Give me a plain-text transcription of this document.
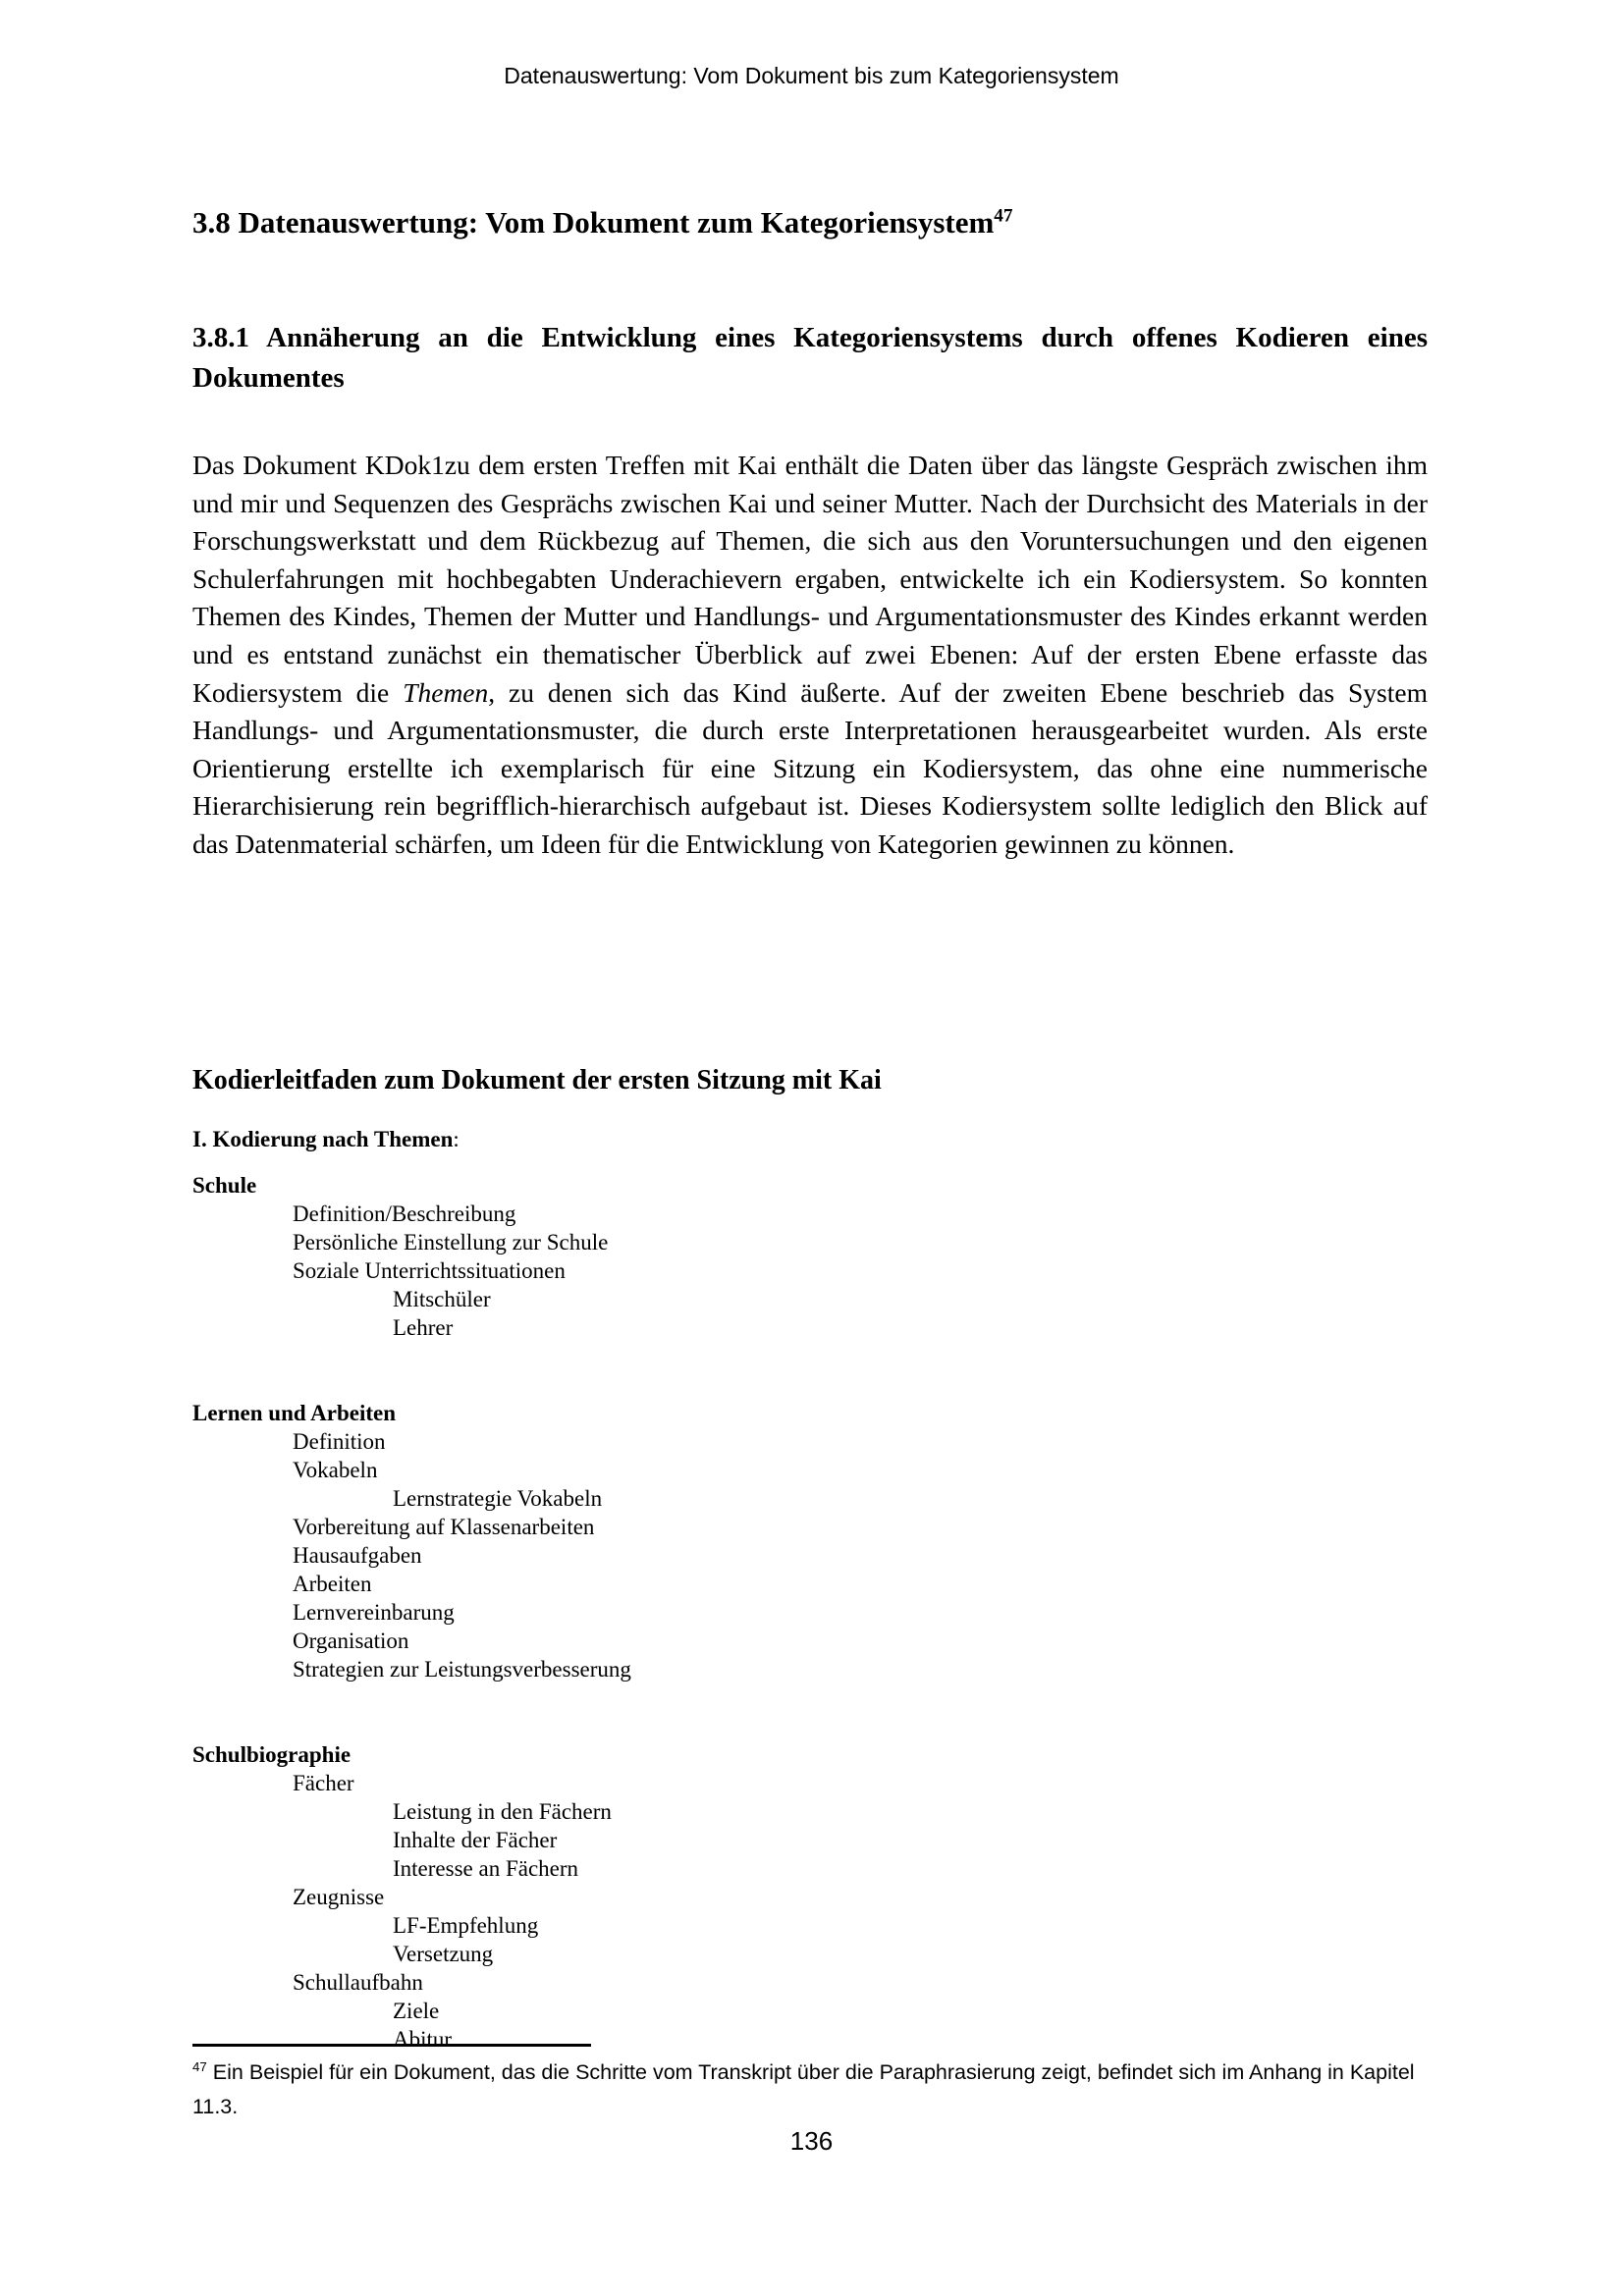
Datenauswertung: Vom Dokument bis zum Kategoriensystem
3.8 Datenauswertung: Vom Dokument zum Kategoriensystem$^{47}$
3.8.1 Annäherung an die Entwicklung eines Kategoriensystems durch offenes Kodieren eines Dokumentes

Das Dokument KDok1zu dem ersten Treffen mit Kai enthält die Daten über das längste Gespräch zwischen ihm und mir und Sequenzen des Gesprächs zwischen Kai und seiner Mutter. Nach der Durchsicht des Materials in der Forschungswerkstatt und dem Rückbezug auf Themen, die sich aus den Voruntersuchungen und den eigenen Schulerfahrungen mit hochbegabten Underachievern ergaben, entwickelte ich ein Kodiersystem. So konnten Themen des Kindes, Themen der Mutter und Handlungs- und Argumentationsmuster des Kindes erkannt werden und es entstand zunächst ein thematischer Überblick auf zwei Ebenen: Auf der ersten Ebene erfasste das Kodiersystem die Themen, zu denen sich das Kind äußerte. Auf der zweiten Ebene beschrieb das System Handlungs- und Argumentationsmuster, die durch erste Interpretationen herausgearbeitet wurden. Als erste Orientierung erstellte ich exemplarisch für eine Sitzung ein Kodiersystem, das ohne eine nummerische Hierarchisierung rein begrifflich-hierarchisch aufgebaut ist. Dieses Kodiersystem sollte lediglich den Blick auf das Datenmaterial schärfen, um Ideen für die Entwicklung von Kategorien gewinnen zu können.

Kodierleitfaden zum Dokument der ersten Sitzung mit Kai
I. Kodierung nach Themen:
Schule
Definition/Beschreibung
Persönliche Einstellung zur Schule
Soziale Unterrichtssituationen
Mitschüler
Lehrer
Lernen und Arbeiten
Definition
Vokabeln
Lernstrategie Vokabeln
Vorbereitung auf Klassenarbeiten
Hausaufgaben
Arbeiten
Lernvereinbarung
Organisation
Strategien zur Leistungsverbesserung
Schulbiographie
Fächer
Leistung in den Fächern
Inhalte der Fächer
Interesse an Fächern
Zeugnisse
LF-Empfehlung
Versetzung
Schullaufbahn
Ziele
Abitur
$^{47}$ Ein Beispiel für ein Dokument, das die Schritte vom Transkript über die Paraphrasierung zeigt, befindet sich im Anhang in Kapitel 11.3.
136
